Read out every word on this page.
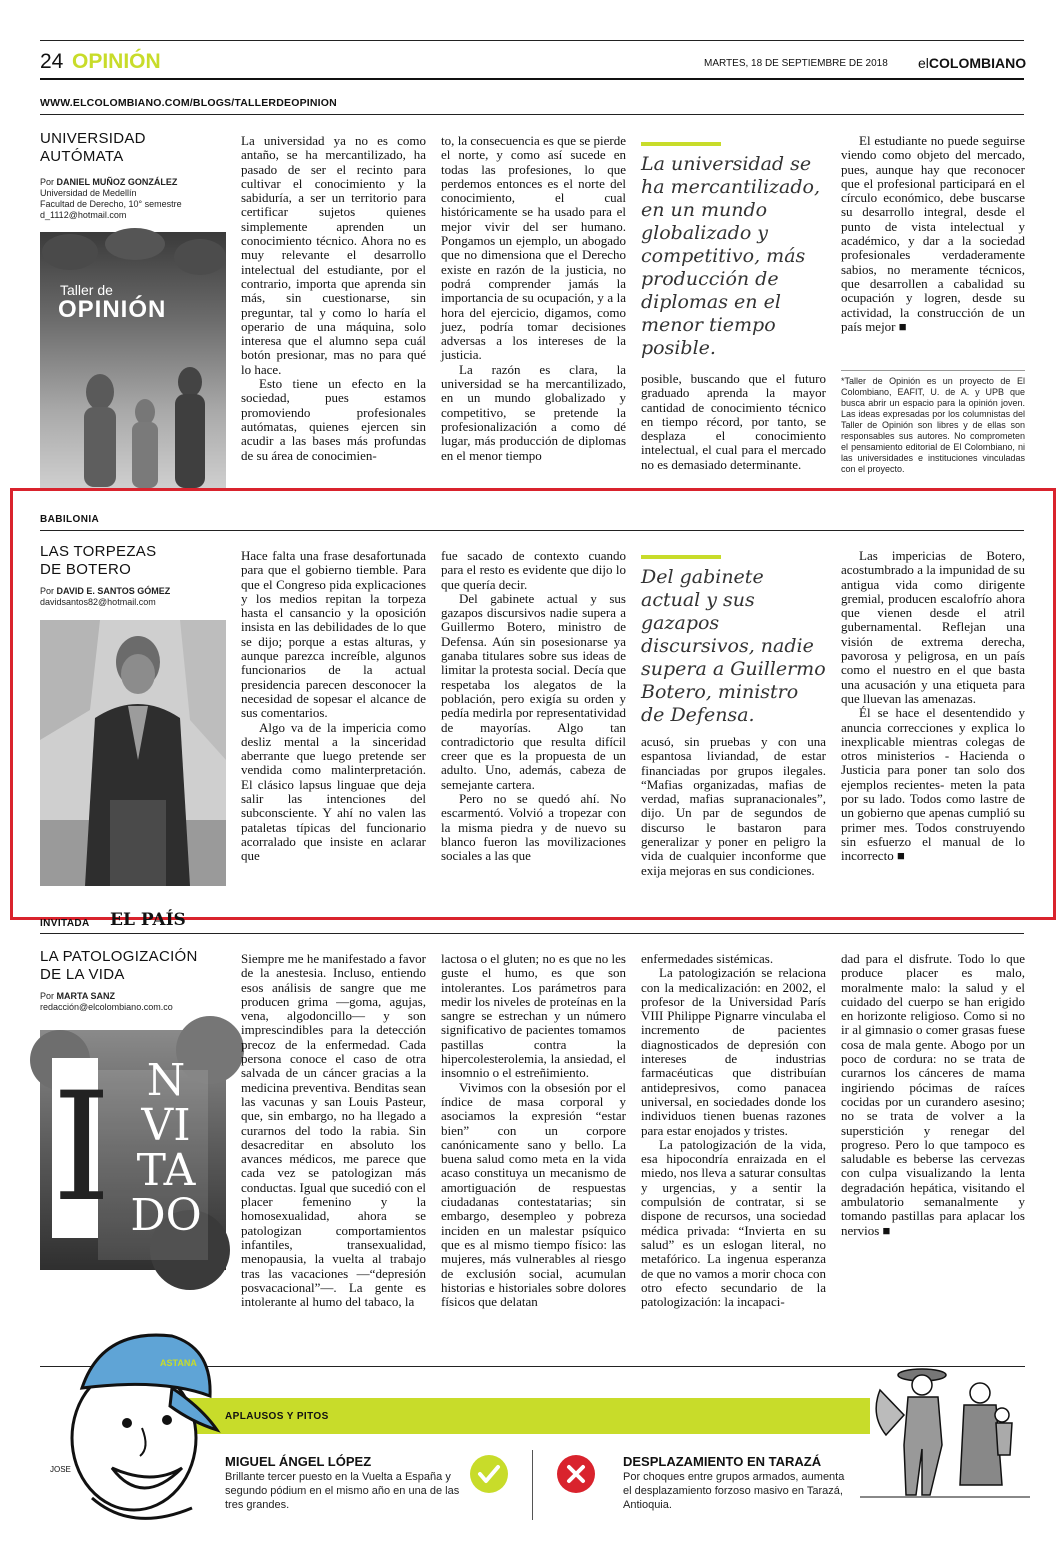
24 OPINIÓN	MARTES, 18 DE SEPTIEMBRE DE 2018 elCOLOMBIANO
WWW.ELCOLOMBIANO.COM/BLOGS/TALLERDEOPINION
UNIVERSIDAD
AUTÓMATA
Por DANIEL MUÑOZ GONZÁLEZ
Universidad de Medellín
Facultad de Derecho, 10° semestre
d_1112@hotmail.com
Taller de
OPINIÓN

La universidad ya no es como antaño, se ha mercantilizado, ha pasado de ser el recinto para cultivar el conocimiento y la sabiduría, a ser un territorio para certificar sujetos quienes simplemente aprenden un conocimiento técnico. Ahora no es muy relevante el desarrollo intelectual del estudiante, por el contrario, importa que aprenda sin más, sin cuestionarse, sin preguntar, tal y como lo haría el operario de una máquina, solo interesa que el alumno sepa cuál botón presionar, mas no para qué lo hace.

Esto tiene un efecto en la sociedad, pues estamos promoviendo profesionales autómatas, quienes ejercen sin acudir a las bases más profundas de su área de conocimien-

to, la consecuencia es que se pierde el norte, y como así sucede en todas las profesiones, lo que perdemos entonces es el norte del conocimiento, el cual históricamente se ha usado para el mejor vivir del ser humano. Pongamos un ejemplo, un abogado que no dimensiona que el Derecho existe en razón de la justicia, no podrá comprender jamás la importancia de su ocupación, y a la hora del ejercicio, digamos, como juez, podría tomar decisiones adversas a los intereses de la justicia.

La razón es clara, la universidad se ha mercantilizado, en un mundo globalizado y competitivo, se pretende la profesionalización a como dé lugar, más producción de diplomas en el menor tiempo

La universidad se ha mercantilizado, en un mundo globalizado y competitivo, más producción de diplomas en el menor tiempo posible.

posible, buscando que el futuro graduado aprenda la mayor cantidad de conocimiento técnico en tiempo récord, por tanto, se desplaza el conocimiento intelectual, el cual para el mercado no es demasiado determinante.

El estudiante no puede seguirse viendo como objeto del mercado, pues, aunque hay que reconocer que el profesional participará en el círculo económico, debe buscarse su desarrollo integral, desde el punto de vista intelectual y académico, y dar a la sociedad profesionales verdaderamente sabios, no meramente técnicos, que desarrollen a cabalidad su ocupación y logren, desde su actividad, la construcción de un país mejor ■

*Taller de Opinión es un proyecto de El Colombiano, EAFIT, U. de A. y UPB que busca abrir un espacio para la opinión joven. Las ideas expresadas por los columnistas del Taller de Opinión son libres y de ellas son responsables sus autores. No comprometen el pensamiento editorial de El Colombiano, ni las universidades e instituciones vinculadas con el proyecto.
BABILONIA
LAS TORPEZAS
DE BOTERO
Por DAVID E. SANTOS GÓMEZ
davidsantos82@hotmail.com

Hace falta una frase desafortunada para que el gobierno tiemble. Para que el Congreso pida explicaciones y los medios repitan la torpeza hasta el cansancio y la oposición insista en las debilidades de lo que se dijo; porque a estas alturas, y aunque parezca increíble, algunos funcionarios de la actual presidencia parecen desconocer la necesidad de sopesar el alcance de sus comentarios.

Algo va de la impericia como desliz mental a la sinceridad aberrante que luego pretende ser vendida como malinterpretación. El clásico lapsus linguae que deja salir las intenciones del subconsciente. Y ahí no valen las pataletas típicas del funcionario acorralado que insiste en aclarar que

fue sacado de contexto cuando para el resto es evidente que dijo lo que quería decir.

Del gabinete actual y sus gazapos discursivos nadie supera a Guillermo Botero, ministro de Defensa. Aún sin posesionarse ya ganaba titulares sobre sus ideas de limitar la protesta social. Decía que respetaba los alegatos de la población, pero exigía su orden y pedía medirla por representatividad de mayorías. Algo tan contradictorio que resulta difícil creer que es la propuesta de un adulto. Uno, además, cabeza de semejante cartera.

Pero no se quedó ahí. No escarmentó. Volvió a tropezar con la misma piedra y de nuevo su blanco fueron las movilizaciones sociales a las que

Del gabinete actual y sus gazapos discursivos, nadie supera a Guillermo Botero, ministro de Defensa.

acusó, sin pruebas y con una espantosa liviandad, de estar financiadas por grupos ilegales. “Mafias organizadas, mafias de verdad, mafias supranacionales”, dijo. Un par de segundos de discurso le bastaron para generalizar y poner en peligro la vida de cualquier inconforme que exija mejoras en sus condiciones.

Las impericias de Botero, acostumbrado a la impunidad de su antigua vida como dirigente gremial, producen escalofrío ahora que vienen desde el atril gubernamental. Reflejan una visión de extrema derecha, pavorosa y peligrosa, en un país como el nuestro en el que basta una acusación y una etiqueta para que lluevan las amenazas.

Él se hace el desentendido y anuncia correcciones y explica lo inexplicable mientras colegas de otros ministerios - Hacienda o Justicia para poner tan solo dos ejemplos recientes- meten la pata por su lado. Todos como lastre de un gobierno que apenas cumplió su primer mes. Todos construyendo sin esfuerzo el manual de lo incorrecto ■

INVITADA EL PAÍS
LA PATOLOGIZACIÓN
DE LA VIDA
Por MARTA SANZ
redacción@elcolombiano.com.co
I N
VI
TA
DO

Siempre me he manifestado a favor de la anestesia. Incluso, entiendo esos análisis de sangre que me producen grima —goma, agujas, vena, algodoncillo— y son imprescindibles para la detección precoz de la enfermedad. Cada persona conoce el caso de otra salvada de un cáncer gracias a la medicina preventiva. Benditas sean las vacunas y san Louis Pasteur, que, sin embargo, no ha llegado a curarnos del todo la rabia. Sin desacreditar en absoluto los avances médicos, me parece que cada vez se patologizan más conductas. Igual que sucedió con el placer femenino y la homosexualidad, ahora se patologizan comportamientos infantiles, transexualidad, menopausia, la vuelta al trabajo tras las vacaciones —“depresión posvacacional”—. La gente es intolerante al humo del tabaco, la

lactosa o el gluten; no es que no les guste el humo, es que son intolerantes. Los parámetros para medir los niveles de proteínas en la sangre se estrechan y un número significativo de pacientes tomamos pastillas contra la hipercolesterolemia, la ansiedad, el insomnio o el estreñimiento.

Vivimos con la obsesión por el índice de masa corporal y asociamos la expresión “estar bien” con un corpore canónicamente sano y bello. La buena salud como meta en la vida acaso constituya un mecanismo de amortiguación de respuestas ciudadanas contestatarias; sin embargo, desempleo y pobreza inciden en un malestar psíquico que es al mismo tiempo físico: las mujeres, más vulnerables al riesgo de exclusión social, acumulan historias e historiales sobre dolores físicos que delatan

enfermedades sistémicas.

La patologización se relaciona con la medicalización: en 2002, el profesor de la Universidad París VIII Philippe Pignarre vinculaba el incremento de pacientes diagnosticados de depresión con intereses de industrias farmacéuticas que distribuían antidepresivos, como panacea universal, en sociedades donde los individuos tienen buenas razones para estar enojados y tristes.

La patologización de la vida, esa hipocondría enraizada en el miedo, nos lleva a saturar consultas y urgencias, y a sentir la compulsión de contratar, si se dispone de recursos, una sociedad médica privada: “Invierta en su salud” es un eslogan literal, no metafórico. La ingenua esperanza de que no vamos a morir choca con otro efecto secundario de la patologización: la incapaci-

dad para el disfrute. Todo lo que produce placer es malo, moralmente malo: la salud y el cuidado del cuerpo se han erigido en horizonte religioso. Como si no ir al gimnasio o comer grasas fuese cosa de mala gente. Abogo por un poco de cordura: no se trata de curarnos los cánceres de mama ingiriendo pócimas de raíces cocidas por un curandero asesino; no se trata de volver a la superstición y renegar del progreso. Pero lo que tampoco es saludable es beberse las cervezas con culpa visualizando la lenta degradación hepática, visitando el ambulatorio semanalmente y tomando pastillas para aplacar los nervios ■

APLAUSOS Y PITOS
ASTANA
JOSE
MIGUEL ÁNGEL LÓPEZ
Brillante tercer puesto en la Vuelta a España y segundo pódium en el mismo año en una de las tres grandes.
DESPLAZAMIENTO EN TARAZÁ
Por choques entre grupos armados, aumenta el desplazamiento forzoso masivo en Tarazá, Antioquia.
